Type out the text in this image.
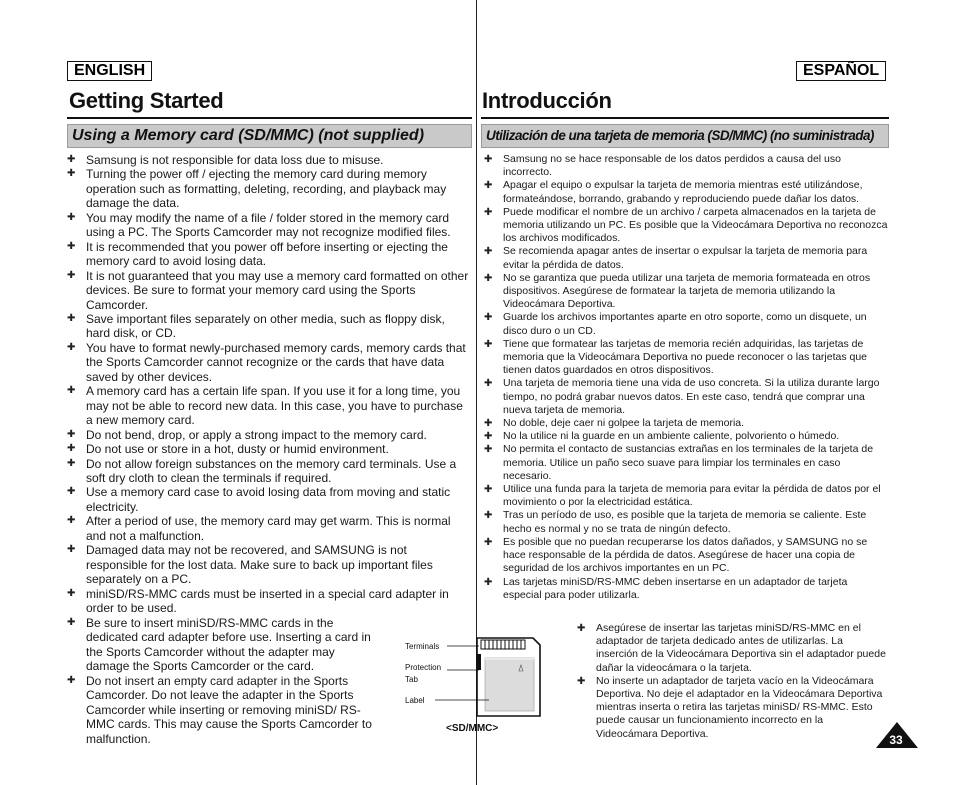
ENGLISH
Getting Started
Using a Memory card (SD/MMC) (not supplied)
ESPAÑOL
Introducción
Utilización de una tarjeta de memoria (SD/MMC) (no suministrada)
✚ Samsung is not responsible for data loss due to misuse.
✚ Turning the power off / ejecting the memory card during memory operation such as formatting, deleting, recording, and playback may damage the data.
✚ You may modify the name of a file / folder stored in the memory card using a PC. The Sports Camcorder may not recognize modified files.
✚ It is recommended that you power off before inserting or ejecting the memory card to avoid losing data.
✚ It is not guaranteed that you may use a memory card formatted on other devices. Be sure to format your memory card using the Sports Camcorder.
✚ Save important files separately on other media, such as floppy disk, hard disk, or CD.
✚ You have to format newly-purchased memory cards, memory cards that the Sports Camcorder cannot recognize or the cards that have data saved by other devices.
✚ A memory card has a certain life span. If you use it for a long time, you may not be able to record new data. In this case, you have to purchase a new memory card.
✚ Do not bend, drop, or apply a strong impact to the memory card.
✚ Do not use or store in a hot, dusty or humid environment.
✚ Do not allow foreign substances on the memory card terminals. Use a soft dry cloth to clean the terminals if required.
✚ Use a memory card case to avoid losing data from moving and static electricity.
✚ After a period of use, the memory card may get warm. This is normal and not a malfunction.
✚ Damaged data may not be recovered, and SAMSUNG is not responsible for the lost data. Make sure to back up important files separately on a PC.
✚ miniSD/RS-MMC cards must be inserted in a special card adapter in order to be used.
✚ Be sure to insert miniSD/RS-MMC cards in the dedicated card adapter before use. Inserting a card in the Sports Camcorder without the adapter may damage the Sports Camcorder or the card.
✚ Do not insert an empty card adapter in the Sports Camcorder. Do not leave the adapter in the Sports Camcorder while inserting or removing miniSD/ RS-MMC cards. This may cause the Sports Camcorder to malfunction.
✚ Samsung no se hace responsable de los datos perdidos a causa del uso incorrecto.
✚ Apagar el equipo o expulsar la tarjeta de memoria mientras esté utilizándose, formateándose, borrando, grabando y reproduciendo puede dañar los datos.
✚ Puede modificar el nombre de un archivo / carpeta almacenados en la tarjeta de memoria utilizando un PC. Es posible que la Videocámara Deportiva no reconozca los archivos modificados.
✚ Se recomienda apagar antes de insertar o expulsar la tarjeta de memoria para evitar la pérdida de datos.
✚ No se garantiza que pueda utilizar una tarjeta de memoria formateada en otros dispositivos. Asegúrese de formatear la tarjeta de memoria utilizando la Videocámara Deportiva.
✚ Guarde los archivos importantes aparte en otro soporte, como un disquete, un disco duro o un CD.
✚ Tiene que formatear las tarjetas de memoria recién adquiridas, las tarjetas de memoria que la Videocámara Deportiva no puede reconocer o las tarjetas que tienen datos guardados en otros dispositivos.
✚ Una tarjeta de memoria tiene una vida de uso concreta. Si la utiliza durante largo tiempo, no podrá grabar nuevos datos. En este caso, tendrá que comprar una nueva tarjeta de memoria.
✚ No doble, deje caer ni golpee la tarjeta de memoria.
✚ No la utilice ni la guarde en un ambiente caliente, polvoriento o húmedo.
✚ No permita el contacto de sustancias extrañas en los terminales de la tarjeta de memoria. Utilice un paño seco suave para limpiar los terminales en caso necesario.
✚ Utilice una funda para la tarjeta de memoria para evitar la pérdida de datos por el movimiento o por la electricidad estática.
✚ Tras un período de uso, es posible que la tarjeta de memoria se caliente. Este hecho es normal y no se trata de ningún defecto.
✚ Es posible que no puedan recuperarse los datos dañados, y SAMSUNG no se hace responsable de la pérdida de datos. Asegúrese de hacer una copia de seguridad de los archivos importantes en un PC.
✚ Las tarjetas miniSD/RS-MMC deben insertarse en un adaptador de tarjeta especial para poder utilizarla.
✚ Asegúrese de insertar las tarjetas miniSD/RS-MMC en el adaptador de tarjeta dedicado antes de utilizarlas. La inserción de la Videocámara Deportiva sin el adaptador puede dañar la videocámara o la tarjeta.
✚ No inserte un adaptador de tarjeta vacío en la Videocámara Deportiva. No deje el adaptador en la Videocámara Deportiva mientras inserta o retira las tarjetas miniSD/ RS-MMC. Esto puede causar un funcionamiento incorrecto en la Videocámara Deportiva.
Terminals
Protection
Tab
Label
<SD/MMC>
33
